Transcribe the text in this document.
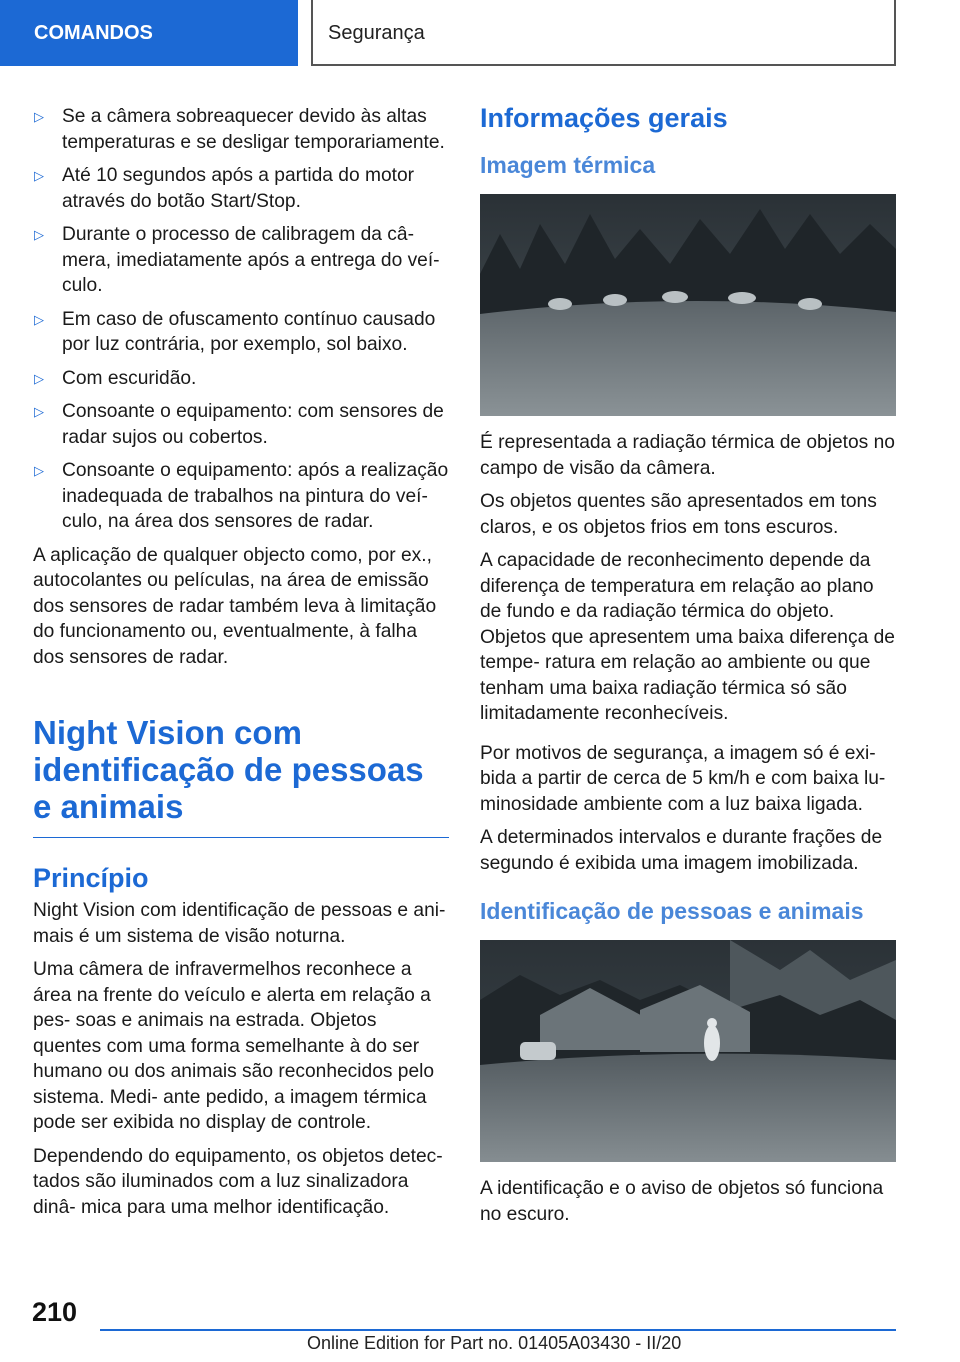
COMANDOS	Segurança
▷ Se a câmera sobreaquecer devido às altas temperaturas e se desligar temporariamente.
▷ Até 10 segundos após a partida do motor através do botão Start/Stop.
▷ Durante o processo de calibragem da câ‐ mera, imediatamente após a entrega do veí‐ culo.
▷ Em caso de ofuscamento contínuo causado por luz contrária, por exemplo, sol baixo.
▷ Com escuridão.
▷ Consoante o equipamento: com sensores de radar sujos ou cobertos.
▷ Consoante o equipamento: após a realização inadequada de trabalhos na pintura do veí‐ culo, na área dos sensores de radar.

A aplicação de qualquer objecto como, por ex., autocolantes ou películas, na área de emissão dos sensores de radar também leva à limitação do funcionamento ou, eventualmente, à falha dos sensores de radar.

Night Vision com identificação de pessoas e animais
Princípio

Night Vision com identificação de pessoas e ani‐ mais é um sistema de visão noturna.

Uma câmera de infravermelhos reconhece a área na frente do veículo e alerta em relação a pes‐ soas e animais na estrada. Objetos quentes com uma forma semelhante à do ser humano ou dos animais são reconhecidos pelo sistema. Medi‐ ante pedido, a imagem térmica pode ser exibida no display de controle.

Dependendo do equipamento, os objetos detec‐ tados são iluminados com a luz sinalizadora dinâ‐ mica para uma melhor identificação.

Informações gerais
Imagem térmica

É representada a radiação térmica de objetos no campo de visão da câmera.

Os objetos quentes são apresentados em tons claros, e os objetos frios em tons escuros.

A capacidade de reconhecimento depende da diferença de temperatura em relação ao plano de fundo e da radiação térmica do objeto. Objetos que apresentem uma baixa diferença de tempe‐ ratura em relação ao ambiente ou que tenham uma baixa radiação térmica só são limitadamente reconhecíveis.

Por motivos de segurança, a imagem só é exi‐ bida a partir de cerca de 5 km/h e com baixa lu‐ minosidade ambiente com a luz baixa ligada.

A determinados intervalos e durante frações de segundo é exibida uma imagem imobilizada.

Identificação de pessoas e animais

A identificação e o aviso de objetos só funciona no escuro.

210
Online Edition for Part no. 01405A03430 - II/20
